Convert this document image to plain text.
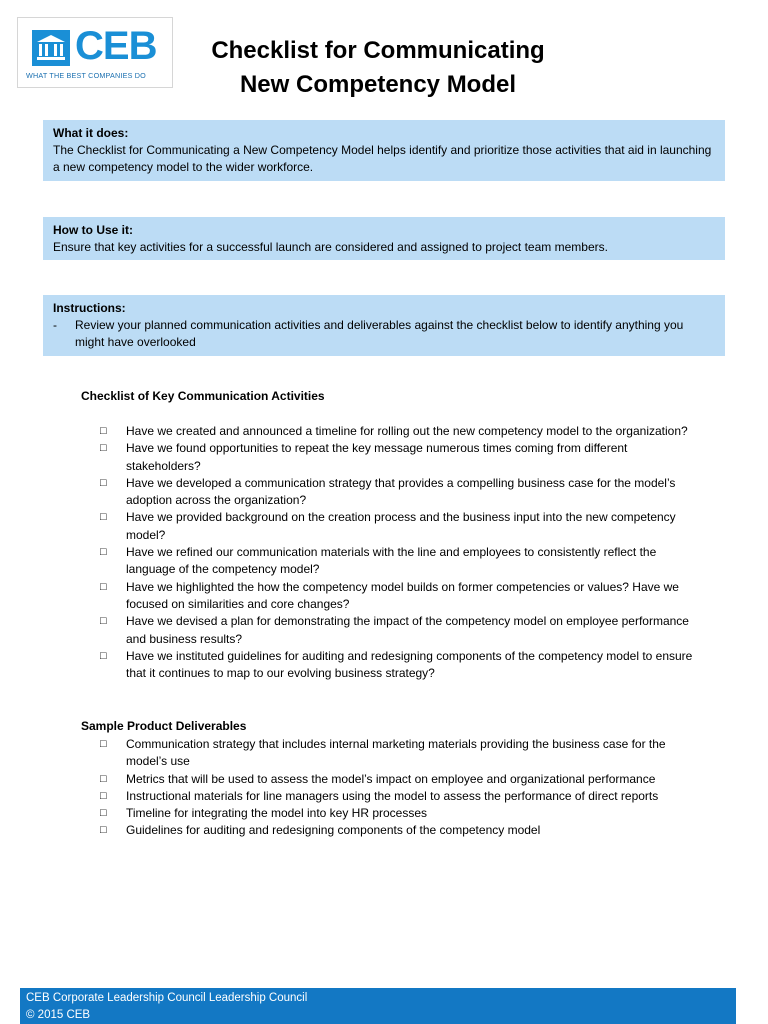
CEB
WHAT THE BEST COMPANIES DO
Checklist for Communicating
New Competency Model
What it does:
The Checklist for Communicating a New Competency Model helps identify and prioritize those activities that aid in launching a new competency model to the wider workforce.
How to Use it:
Ensure that key activities for a successful launch are considered and assigned to project team members.
Instructions:
-	Review your planned communication activities and deliverables against the checklist below to identify anything you might have overlooked
Checklist of Key Communication Activities
□	Have we created and announced a timeline for rolling out the new competency model to the organization?
□	Have we found opportunities to repeat the key message numerous times coming from different stakeholders?
□	Have we developed a communication strategy that provides a compelling business case for the model’s adoption across the organization?
□	Have we provided background on the creation process and the business input into the new competency model?
□	Have we refined our communication materials with the line and employees to consistently reflect the language of the competency model?
□	Have we highlighted the how the competency model builds on former competencies or values? Have we focused on similarities and core changes?
□	Have we devised a plan for demonstrating the impact of the competency model on employee performance and business results?
□	Have we instituted guidelines for auditing and redesigning components of the competency model to ensure that it continues to map to our evolving business strategy?
Sample Product Deliverables
□	Communication strategy that includes internal marketing materials providing the business case for the model’s use
□	Metrics that will be used to assess the model’s impact on employee and organizational performance
□	Instructional materials for line managers using the model to assess the performance of direct reports
□	Timeline for integrating the model into key HR processes
□	Guidelines for auditing and redesigning components of the competency model
CEB Corporate Leadership Council Leadership Council
© 2015 CEB
